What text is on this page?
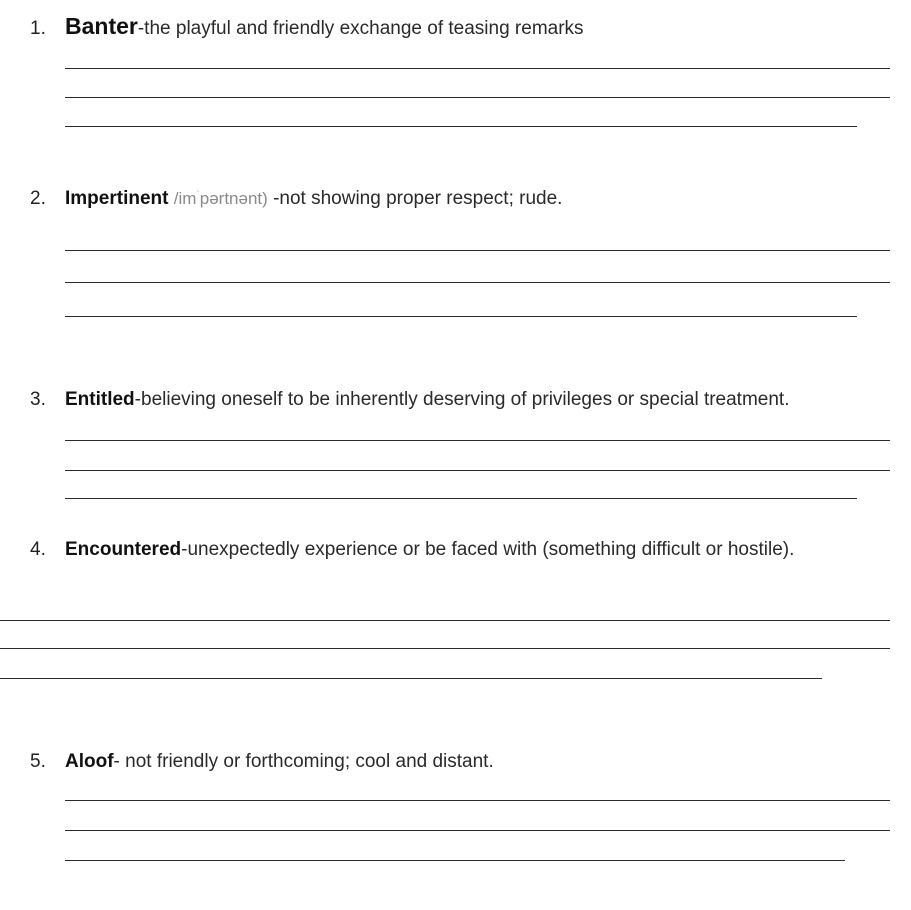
1. Banter-the playful and friendly exchange of teasing remarks
2. Impertinent $/im^ˈpərtnənt$) -not showing proper respect; rude.
3. Entitled-believing oneself to be inherently deserving of privileges or special treatment.
4. Encountered-unexpectedly experience or be faced with (something difficult or hostile).
5. Aloof- not friendly or forthcoming; cool and distant.
